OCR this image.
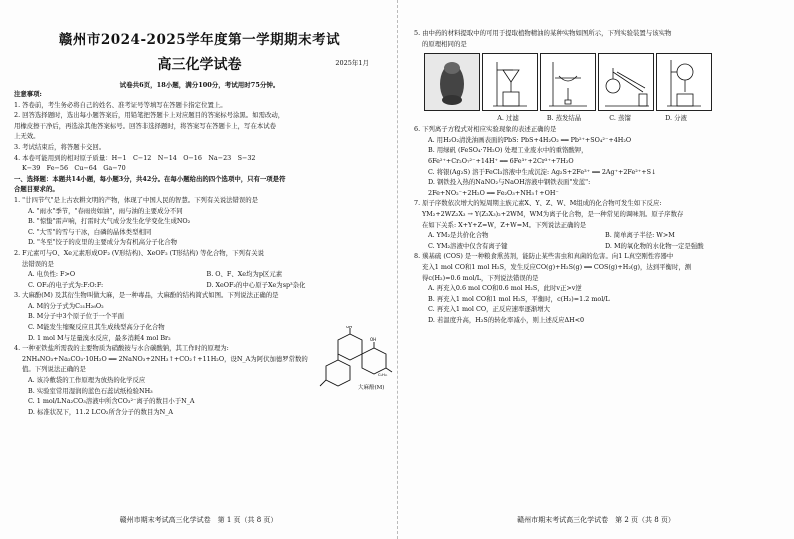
赣州市2024-2025学年度第一学期期末考试
高三化学试卷	2025年1月
试卷共6页，18小题，满分100分，考试用时75分钟。
注意事项:
1. 答卷前，考生务必将自己的姓名、准考证号等填写在答题卡指定位置上。
2. 回答选择题时，选出每小题答案后，用铅笔把答题卡上对应题目的答案标号涂黑。如需改动，
用橡皮擦干净后，再选涂其他答案标号。回答非选择题时，将答案写在答题卡上，写在本试卷
上无效。
3. 考试结束后，将答题卡交回。
4. 本卷可能用到的相对原子质量：H−1　C−12　N−14　O−16　Na−23　S−32
K−39　Fe−56　Cu−64　Ga−70
一、选择题：本题共14小题，每小题3分，共42分。在每小题给出的四个选项中，只有一项是符
合题目要求的。
1. "廿四节气"是上古农耕文明的产物，体现了中国人民的智慧。下列有关说法错误的是
A. "雨水"季节，"春雨贵如油"，雨与油的主要成分不同
B. "惊蛰"雷声响，打雷时大气成分发生化学变化生成NO₂
C. "大雪"的雪与干冰，白磷的晶体类型相同
D. "冬至"饺子的皮里的主要成分为有机高分子化合物
2. F元素可与O、Xe元素形成OF₂ (V形结构)、XeOF₂ (T形结构) 等化合物，下列有关说
法错误的是
A. 电负性: F>O	B. O、F、Xe均为p区元素
C. OF₂的电子式为:F:O:F:	D. XeOF₂的中心原子Xe为sp³杂化
3. 大麻酚(M) 及其衍生物叫做大麻，是一种毒品，大麻酚的结构简式如图。下列说法正确的是
A. M的分子式为C₂₁H₂₆O₂
B. M分子中3个原子位于一个平面
C. M能发生缩聚反应且其生成线型高分子化合物
D. 1 mol M与足量溴水反应，最多消耗4 mol Br₂
4. 一种亚铁盐所需我的主要物质为硝酸铵与水合碳酸钠，其工作时的原理为:
2NH₄NO₃+Na₂CO₃·10H₂O ══ 2NaNO₃+2NH₃↑+CO₂↑+11H₂O，设N_A为阿伏加德罗常数的
值。下列说法正确的是
A. 该冷敷袋的工作原理为放热的化学反应
B. 实验室常用湿润的蓝色石蕊试纸检验NH₃
C. 1 mol/LNa₂CO₃溶液中所含CO₃²⁻离子的数目小于N_A
D. 标准状况下，11.2 LCO₂所含分子的数目为N_A
赣州市期末考试高三化学试卷　第 1 页（共 8 页）
OH
OH
C₅H₁₁
大麻酚(M)
5. 由中药的材料提取中的可用于提取植物精油的某种实物如图所示，下列实验装置与该实物
的原理相同的是
A. 过滤	B. 蒸发结晶	C. 蒸馏	D. 分液
6. 下列离子方程式对相应实验现象的表述正确的是
A. 用H₂O₂清洗油画表面的PbS: PbS+4H₂O₂ ══ Pb²⁺+SO₄²⁻+4H₂O
B. 用绿矾 (FeSO₄·7H₂O) 处理工业废水中的重铬酸钾，
6Fe²⁺+Cr₂O₇²⁻+14H⁺ ══ 6Fe³⁺+2Cr³⁺+7H₂O
C. 将银(Ag₂S) 溶于FeCl₃溶液中生成沉淀: Ag₂S+2Fe³⁺ ══ 2Ag⁺+2Fe²⁺+S↓
D. 钢铁投入热的NaNO₂与NaOH溶液中钢铁表面"发蓝":
2Fe+NO₂⁻+2H₂O ══ Fe₂O₃+NH₃↑+OH⁻
7. 原子序数依次增大的短周期主族元素X、Y、Z、W、M组成的化合物可发生如下反应:
YM₂+2WZ₂X₃ → Y(Z₂X₃)₂+2WM，WM为离子化合物，是一种常见的调味剂。原子序数存
在如下关系: X+Y+Z=W，Z+W=M。下列说法正确的是
A. YM₂是共价化合物	B. 简单离子半径: W>M
C. YM₂溶液中仅含有离子键	D. M的氧化物的水化物一定是强酸
8. 羰基硫 (COS) 是一种粮食熏蒸剂，能防止某些害虫和真菌的危害。向1 L真空刚性容器中
充入1 mol CO和1 mol H₂S，发生反应CO(g)+H₂S(g) ══ COS(g)+H₂(g)，达到平衡时，测
得c(H₂)=0.6 mol/L，下列说法错误的是
A. 再充入0.6 mol CO和0.6 mol H₂S，此时v正>v逆
B. 再充入1 mol CO和1 mol H₂S，平衡时，c(H₂)=1.2 mol/L
C. 再充入1 mol CO，正反应速率逐渐增大
D. 若温度升高，H₂S的转化率减小，则上述反应ΔH<0
赣州市期末考试高三化学试卷　第 2 页（共 8 页）
